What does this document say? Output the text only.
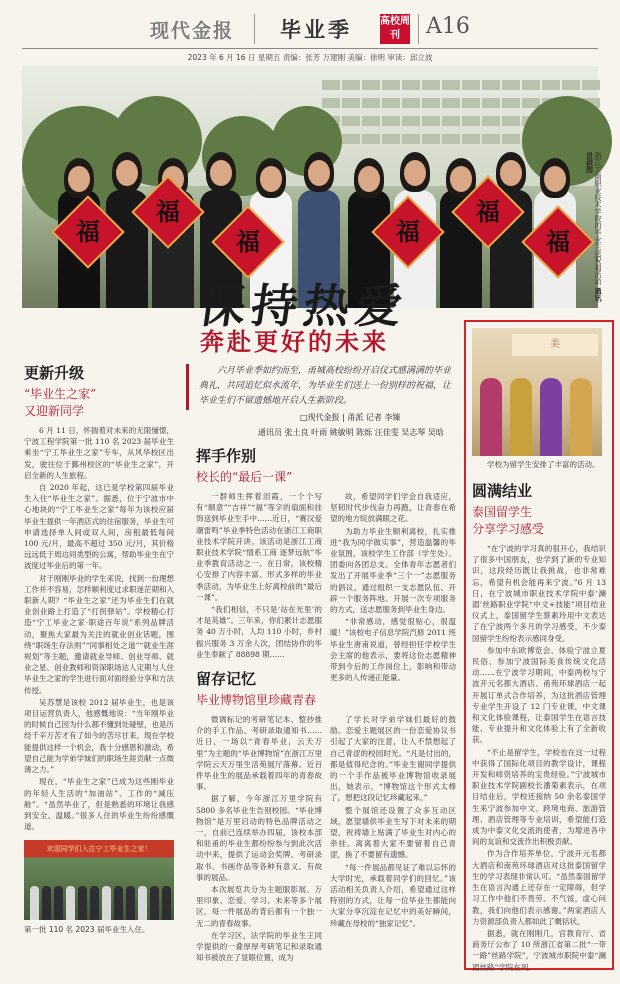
现代金报 毕业季	高校周刊	A16
2023 年 6 月 16 日 星期五 责编：张芳 万建刚 美编：徐明 审读：邱立波
福
福
福	福
福
福	浙江工商职业技术学院的毕业生送祝福活动 通讯员供图
保持热爱
奔赴更好的未来

六月毕业季如约而至，甬城高校纷纷开启仪式感满满的毕业典礼，共同追忆似水流年，为毕业生们送上一份别样的祝福，让毕业生们不留遗憾地开启人生新阶段。

□现代金报 | 甬派 记者 李臻
通讯员 张土良 叶雨 姚敏明 陈烁 汪佳雯 吴志琴 吴晗
更新升级
“毕业生之家”
又迎新同学

6 月 11 日，怀揣着对未来的无限憧憬，宁波工程学院第一批 110 名 2023 届毕业生乘坐“宁工毕业生之家”专车，从风华校区出发，驶往位于鄞州校区的“毕业生之家”，开启全新的人生旅程。

自 2020 年起，这已是学校第四届毕业生入住“毕业生之家”。据悉，位于宁波市中心地块的“宁工毕业生之家”每年为该校应届毕业生提供一年酒店式的住宿服务，毕业生可申请选择单人间或双人间，房租最低每间 100 元/月，最高不超过 350 元/月，其价格远远低于周边同类型的公寓，帮助毕业生在宁波度过毕业后的第一年。

对于刚刚毕业的学生来说，找到一份理想工作并不容易，怎样顺利度过求职迷茫期和入职新人期？“毕业生之家”还为毕业生们在就业创业路上打造了“打拐驿站”。学校精心打造“宁工毕业之家·职途百年说”系列品牌活动，聚焦大家最为关注的就业创业话题，围绕“职场生存法则”“同事相处之道”“就业生涯规划”等主题，邀请就业导师、创业导师、就业之星、创业教师和资深职场达人定期与人住毕业生之家的学生进行面对面经验分享和方法传授。

吴苏慧是该校 2012 届毕业生，也是该项目运营负责人，他感慨地说：“当年刚毕业的时候自己因为什么都不懂到处碰壁，也是历经千辛万苦才有了如今的苦尽甘来，现在学校能提供这样一个机会，我十分感恩和激动，希望自己能为学弟学妹们的职场生涯贡献一点微薄之力。”

现在，“毕业生之家”已成为这些刚毕业的年轻人生活的“加油站”、工作的“减压舱”。“虽然毕业了，但是熟悉的环境让我感到安全、温暖。”很多人住的毕业生纷纷感慨道。

欢迎同学们入住宁工毕业生之家！
第一批 110 名 2023 届毕业生入住。
挥手作别
校长的“最后一课”

一群师生挥着泪霞，一个个写有“顺意”“吉祥”“福”等字的扇面和挂饰送到毕业生手中……近日，“赛汉爱潮雷鸣”毕业季特色活动在浙江工商职业技术学院开讲。该活动是浙江工商职业技术学院“情系工商 逐梦远航”毕业季教育活动之一。在日常，该校精心安排了内容丰富、形式多样的毕业季活动，为毕业生上好离校前的“最后一课”。

“我们相信，不只是‘站在光里’的才是英雄”。三年来，你们累计志愿服务 40 万小时，人均 110 小时，乡村振兴服务 3 万余人次，团结协作的毕业生奉献了 88898 期……

故，希望同学们学会自我适应，坚韧时代步伐奋力再跑，让青春在希望的地方绽放满眼之花。

为助力毕业生顺利离校，扎实推进“我为同学做实事”，营造温馨的毕业氛围，该校学生工作部（学生处）、团委向各团总支、全体青年志愿者们发出了开展毕业季“三个一”志愿服务的倡议，通过组织一支志愿队伍、开辟一个服务阵地、开展一次专项服务的方式，送志愿服务到毕业生身边。

“非常感动，感觉很贴心，很温暖！”该校电子信息学院汽修 2011 班毕业生唐甫说道，曾经担任学校学生会主席的他表示，要将这份志愿精神带到今后的工作岗位上，影响和带动更多的人传递正能量。

留存记忆
毕业博物馆里珍藏青春

微调标记的考研笔记本、整抄推介的手工作品、考研录取通知书……近日，一场以“青春毕业，云天万里”为主题的“毕业博物馆”在浙江万里学院云天万里生活苑展厅落幕。近百件毕业生的展品承载着四年的青春故事。

据了解，今年浙江万里学院有 5800 多名毕业生告别校园。“毕业博物馆”是万里启动的特色品牌活动之一，自前已连续举办四届，该校本部和驻甬的毕业生都纷纷参与到此次活动中来，提供了运动会奖牌、考研录取书、书画作品等各种有意义、有故事的展品。

本次展览共分为主题服影展、万里印象、恋爱、学习、未来等多个展区，每一件展品的背后都有一个独一无二的青春故事。

在学习区，法学院的毕业生王同学提供的一叠厚厚考研笔记和录取通知书被放在了显眼位置，成为

了学长对学弟学妹们最好的鼓励。恋爱主题展区的一份恋爱协议书引起了大家的注意，让人不禁想起了自己青涩的校园时光。“凡是付出的，都是值得纪念的。”毕业生谢同学提供的一个手作品被毕业博物馆收录展出，她表示，“博物馆这个形式太棒了，想把这段记忆珍藏起来。”

整个展馆还设置了众多互动区域，愿望墙供毕业生写下对未来的期望，祝祷墙上贴满了毕业生对内心的牵挂。离离着大家不要留着自己青涩，换了不要留有遗憾。

“每一件展品都见证了难以忘怀的大学时光，承载着同学们的回忆。”该活动相关负责人介绍，希望通过这样特别的方式，让每一位毕业生都能向大家分享沉淀在记忆中的美好瞬间，珍藏在母校的“独家记忆”。

美
学校为留学生安排了丰富的活动。
圆满结业
泰国留学生
分享学习感受

“在宁波的学习真的很开心，我结识了很多中国朋友，也学到了新的专业知识，这段经历既让我挑战，也非常难忘，希望有机会能再来宁波。”6 月 13 日，在宁波城市职业技术学院中泰‘澜湄’丝路职业学院“中文+技能”项目结业仪式上，泰国留学生蔡素玲用中文表达了在宁波两个多月的学习感受，不少泰国留学生纷纷表示感同身受。

参加中东欧博览会、体验宁波立夏民俗、参加宁波国际美食传统文化活动……在宁波学习期间，中泰两校与宁波开元名都大酒店、甬苑环球酒店一起开展订单式合作培养，为这批酒店管理专业学生开设了 12 门专业课，中文课和文化体验课程，让泰国学生在语言技能、专业提升和文化体验上有了全新收获。

“不止是留学生，学校也在这一过程中获得了国际化项目的教学设计，课程开发和师资培养的宝贵经验。”宁波城市职业技术学院副校长潘菊素表示，在项目结业后，学校还接纳 50 余名泰国学生来宁波参加中文、跨境电商、旅游管理、酒店管理等专业培训，希望能打造成为中泰文化交流的使者，为增进各中间的友谊和交流作出积极贡献。

作为合作培养单位，宁波开元名都大酒店和南苑环球酒店对这批泰国留学生的学习表现非常认可。“虽然泰国留学生在语言沟通上还存在一定障碍，但学习工作中他们不畏劳、不气馁，虚心问教，我们向他们表示感谢。”两家酒店人力资源部负责人都如此了概括状。

据悉，就在刚刚几，宫教育厅、省商务厅公布了 10 所浙江省第二批“一带一路”丝路学院”，宁波城市职院中泰“澜湄丝路”学院在列。
